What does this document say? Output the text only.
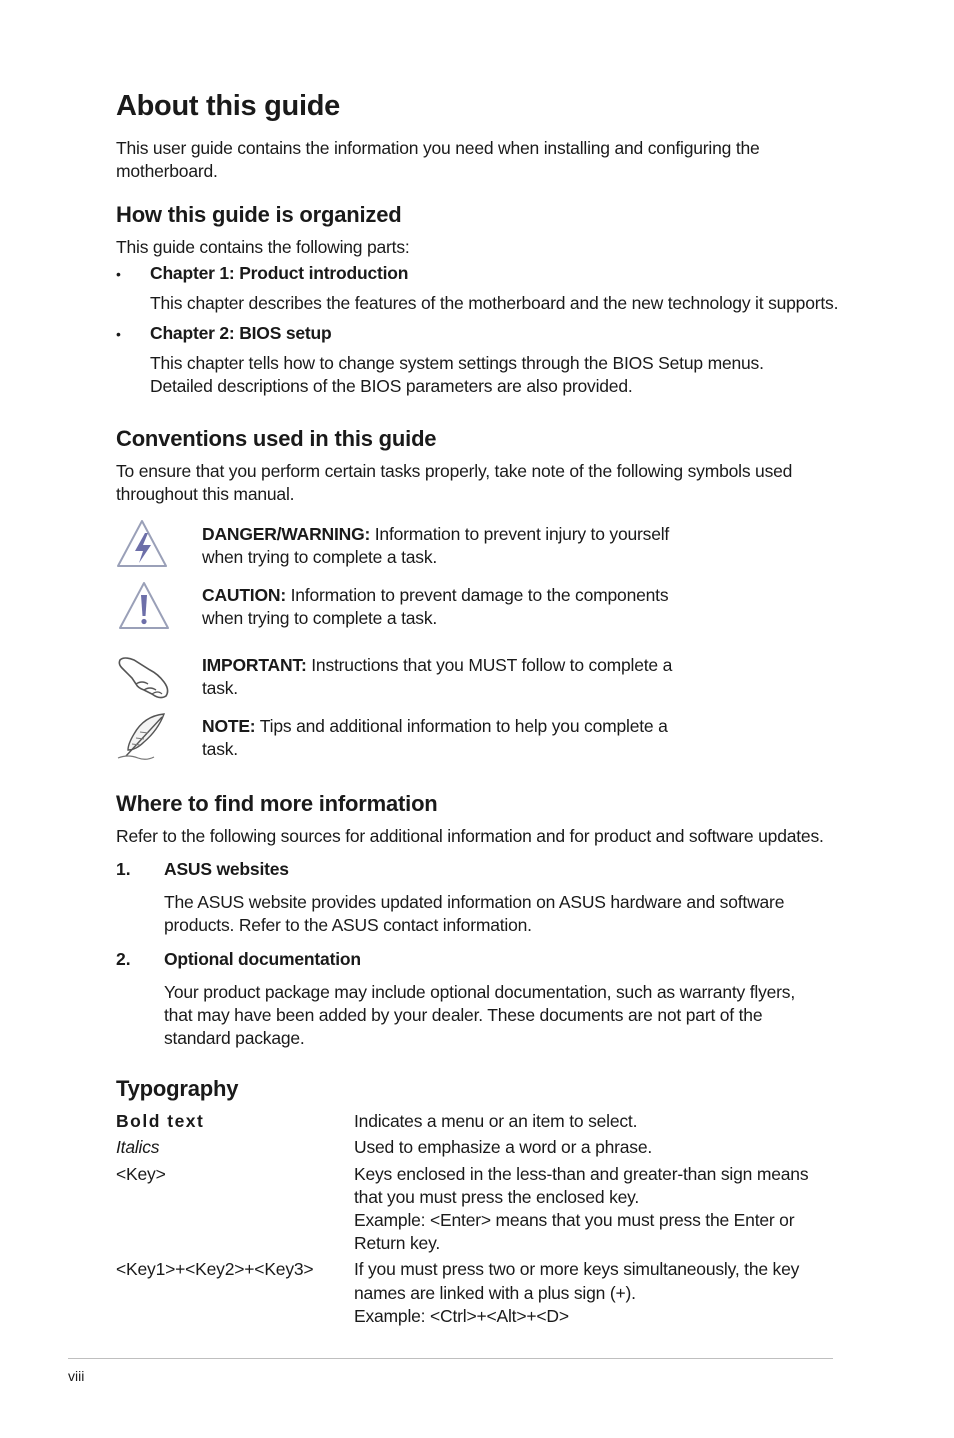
About this guide

This user guide contains the information you need when installing and configuring the

motherboard.

How this guide is organized

This guide contains the following parts:

• Chapter 1: Product introduction

This chapter describes the features of the motherboard and the new technology it supports.

• Chapter 2: BIOS setup

This chapter tells how to change system settings through the BIOS Setup menus.

Detailed descriptions of the BIOS parameters are also provided.

Conventions used in this guide

To ensure that you perform certain tasks properly, take note of the following symbols used

throughout this manual.

DANGER/WARNING: Information to prevent injury to yourself

when trying to complete a task.

CAUTION: Information to prevent damage to the components

when trying to complete a task.

IMPORTANT: Instructions that you MUST follow to complete a

task.

NOTE: Tips and additional information to help you complete a

task.

Where to find more information

Refer to the following sources for additional information and for product and software updates.

1. ASUS websites

The ASUS website provides updated information on ASUS hardware and software

products. Refer to the ASUS contact information.

2. Optional documentation

Your product package may include optional documentation, such as warranty flyers,

that may have been added by your dealer. These documents are not part of the

standard package.

Typography

Bold text	Indicates a menu or an item to select.

Italics	Used to emphasize a word or a phrase.

<Key>	Keys enclosed in the less-than and greater-than sign means

that you must press the enclosed key.

Example: <Enter> means that you must press the Enter or

Return key.

<Key1>+<Key2>+<Key3> If you must press two or more keys simultaneously, the key

names are linked with a plus sign (+).

Example: <Ctrl>+<Alt>+<D>

viii
